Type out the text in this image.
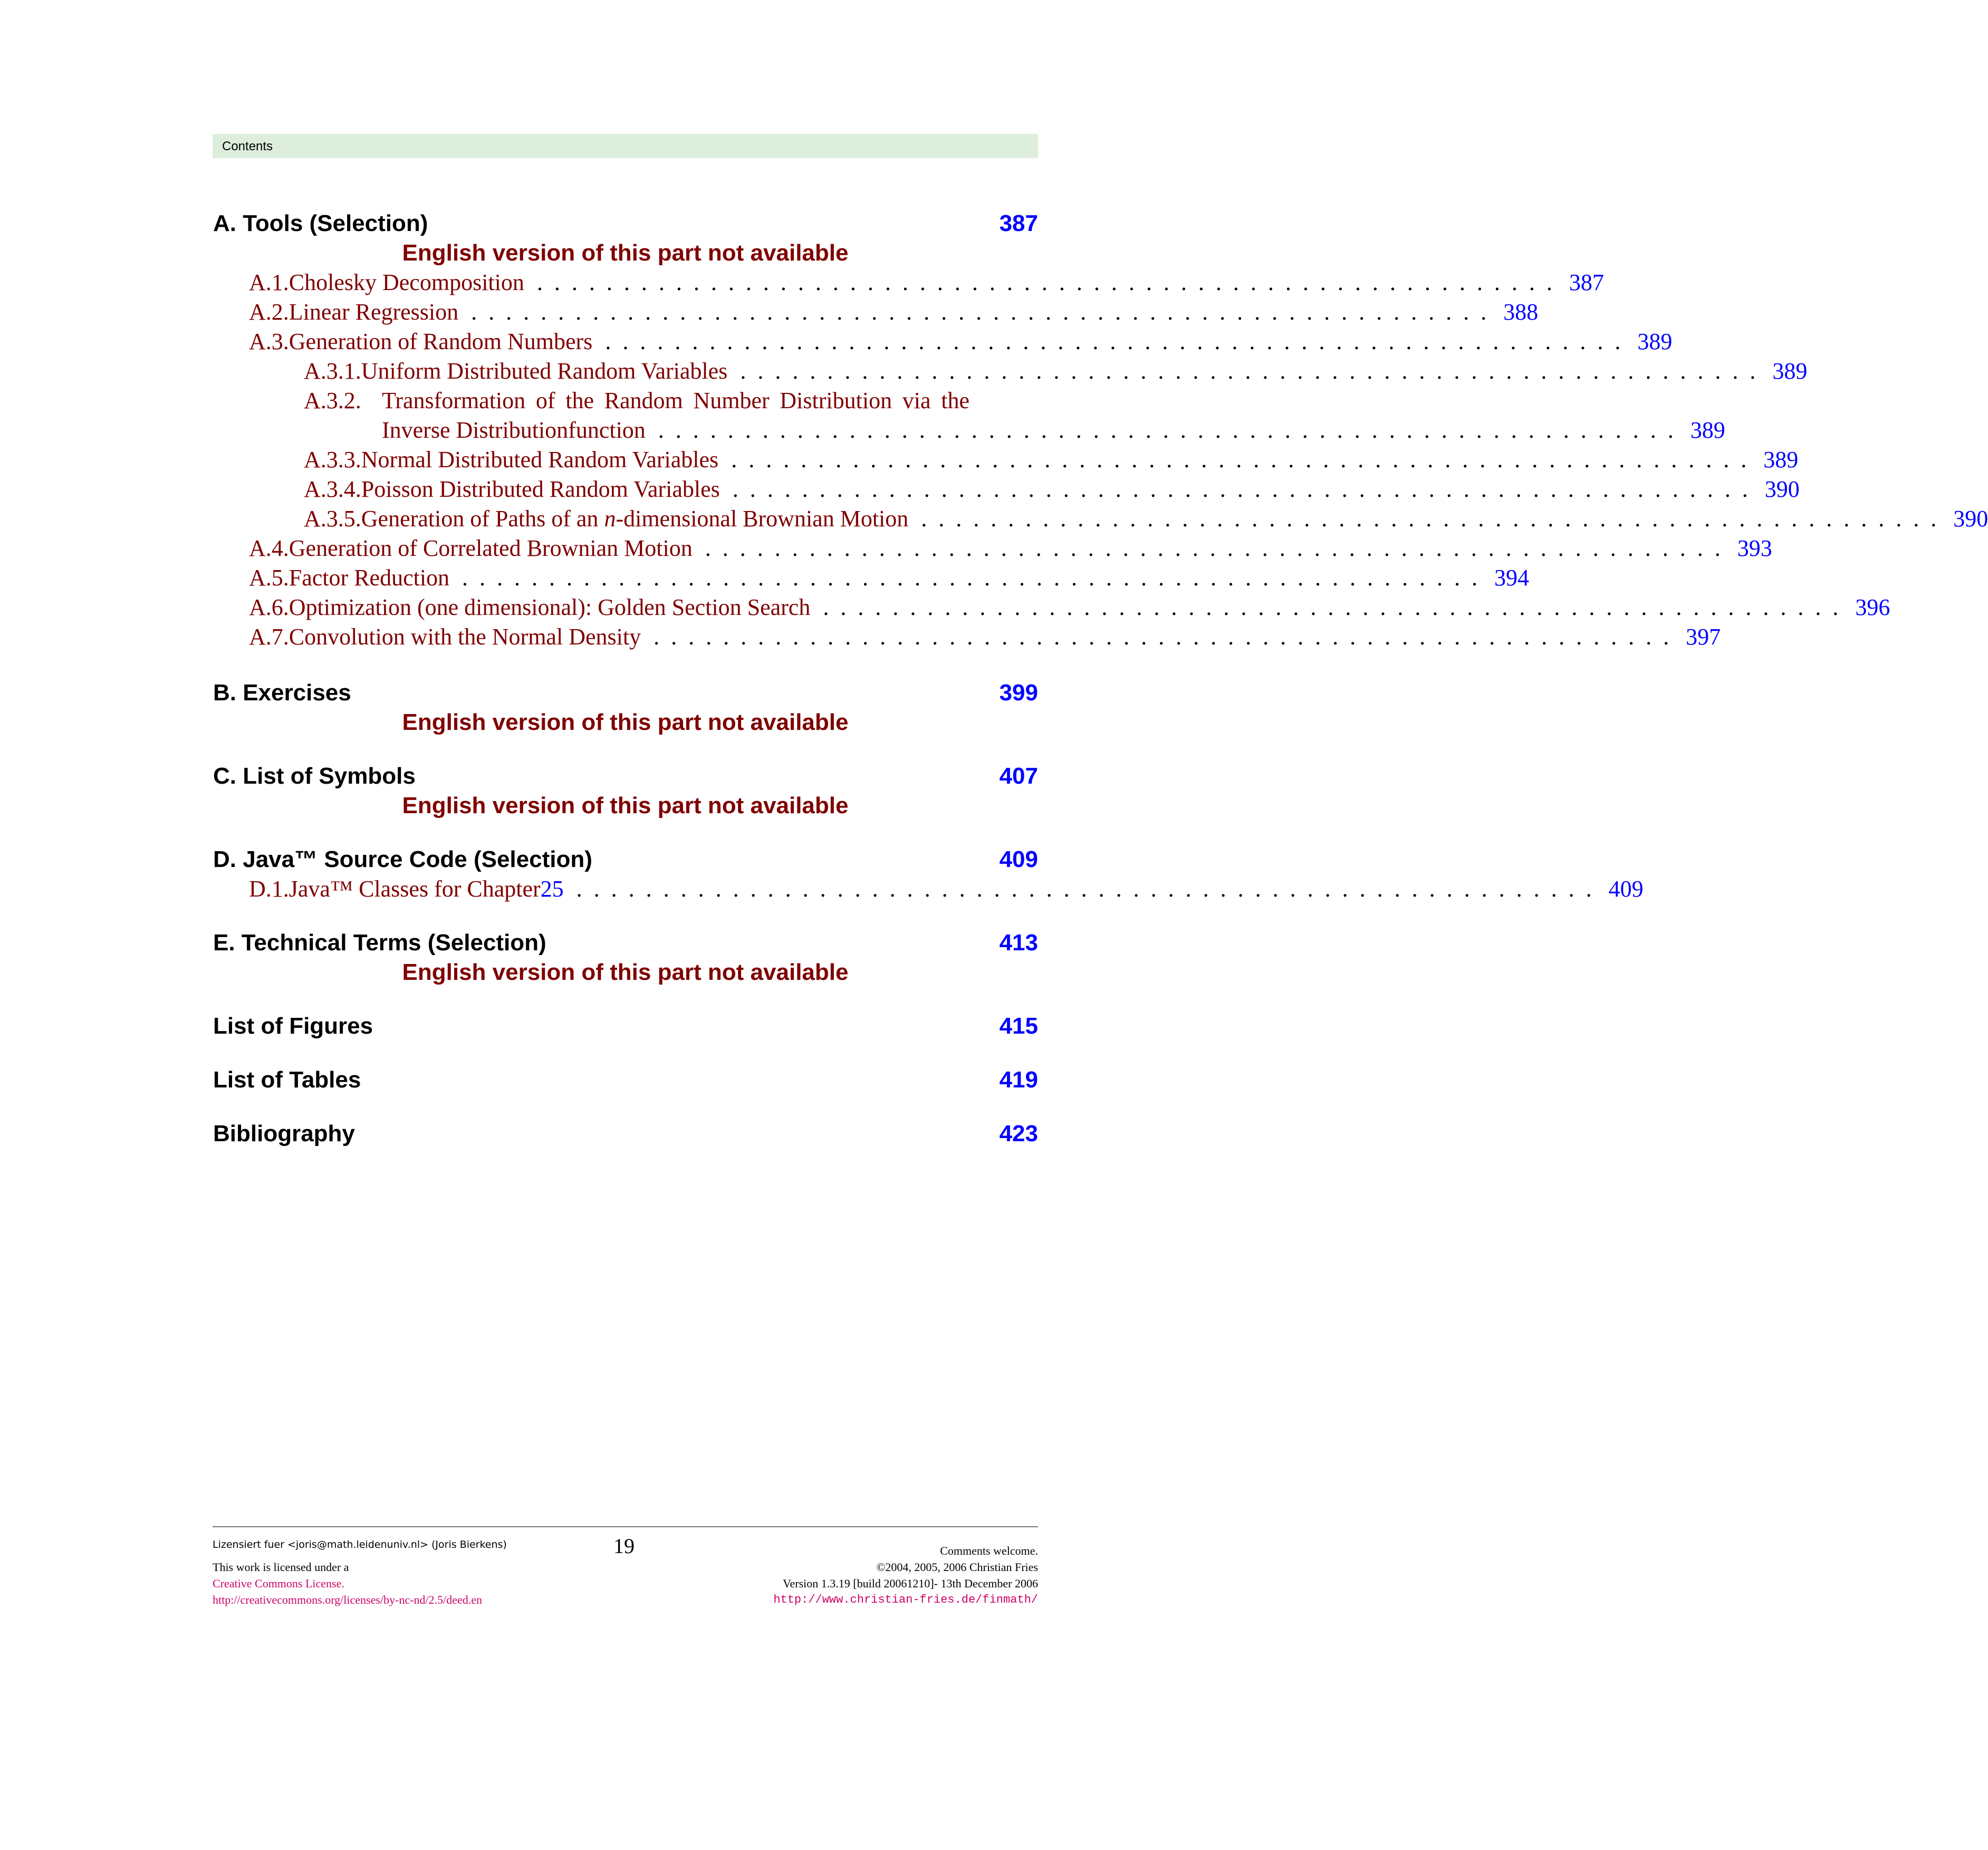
Contents
A. Tools (Selection)	387
English version of this part not available
A.1. Cholesky Decomposition ........................................................... 387
A.2. Linear Regression ........................................................... 388
A.3. Generation of Random Numbers ........................................................... 389
A.3.1. Uniform Distributed Random Variables ........................................................... 389
A.3.2. Transformation of the Random Number Distribution via the
Inverse Distributionfunction ........................................................... 389
A.3.3. Normal Distributed Random Variables ........................................................... 389
A.3.4. Poisson Distributed Random Variables ........................................................... 390
A.3.5. Generation of Paths of an n-dimensional Brownian Motion ........................................................... 390
A.4. Generation of Correlated Brownian Motion ........................................................... 393
A.5. Factor Reduction ........................................................... 394
A.6. Optimization (one dimensional): Golden Section Search ........................................................... 396
A.7. Convolution with the Normal Density ........................................................... 397
B. Exercises	399
English version of this part not available
C. List of Symbols	407
English version of this part not available
D. Java™ Source Code (Selection)	409
D.1. Java™ Classes for Chapter 25 ........................................................... 409
E. Technical Terms (Selection)	413
English version of this part not available
List of Figures	415
List of Tables	419
Bibliography	423
Lizensiert fuer <joris@math.leidenuniv.nl> (Joris Bierkens)	19
This work is licensed under a
Creative Commons License.
http://creativecommons.org/licenses/by-nc-nd/2.5/deed.en
Comments welcome.
©2004, 2005, 2006 Christian Fries
Version 1.3.19 [build 20061210]- 13th December 2006
http://www.christian-fries.de/finmath/
